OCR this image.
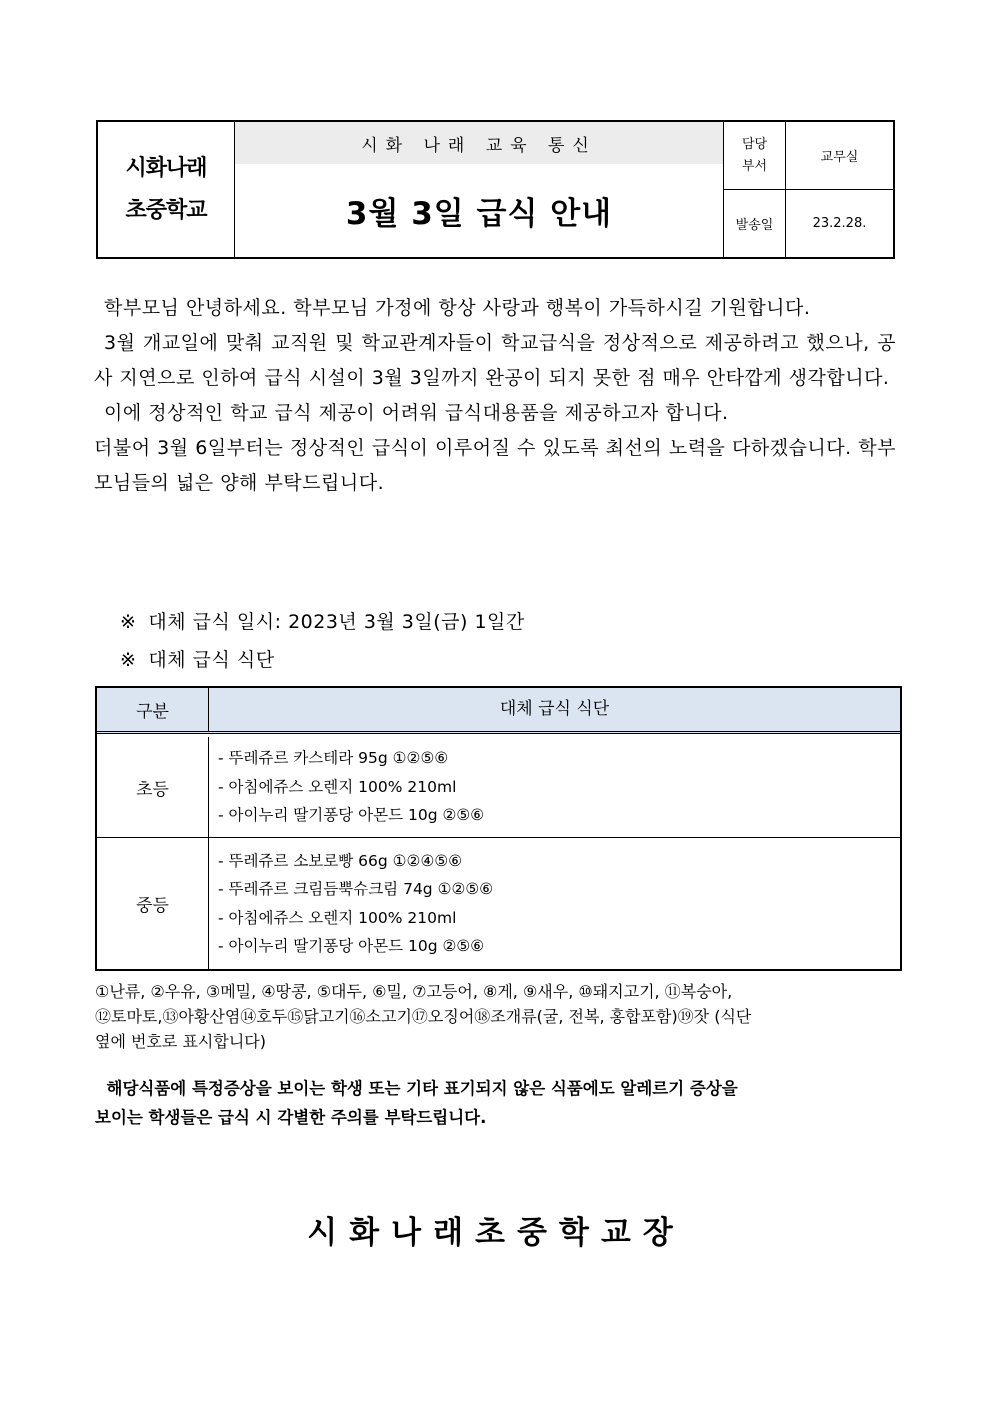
시화나래
초중학교
시화 나래 교육 통신
3월 3일 급식 안내
담당
부서
교무실
발송일	23.2.28.

학부모님 안녕하세요. 학부모님 가정에 항상 사랑과 행복이 가득하시길 기원합니다.

3월 개교일에 맞춰 교직원 및 학교관계자들이 학교급식을 정상적으로 제공하려고 했으나, 공사 지연으로 인하여 급식 시설이 3월 3일까지 완공이 되지 못한 점 매우 안타깝게 생각합니다.

이에 정상적인 학교 급식 제공이 어려워 급식대용품을 제공하고자 합니다.

더불어 3월 6일부터는 정상적인 급식이 이루어질 수 있도록 최선의 노력을 다하겠습니다. 학부모님들의 넓은 양해 부탁드립니다.

※ 대체 급식 일시: 2023년 3월 3일(금) 1일간
※ 대체 급식 식단
구분	대체 급식 식단
초등
- 뚜레쥬르 카스테라 95g ①②⑤⑥
- 아침에쥬스 오렌지 100% 210ml
- 아이누리 딸기퐁당 아몬드 10g ②⑤⑥
중등
- 뚜레쥬르 소보로빵 66g ①②④⑤⑥
- 뚜레쥬르 크림듬뿍슈크림 74g ①②⑤⑥
- 아침에쥬스 오렌지 100% 210ml
- 아이누리 딸기퐁당 아몬드 10g ②⑤⑥

①난류, ②우유, ③메밀, ④땅콩, ⑤대두, ⑥밀, ⑦고등어, ⑧게, ⑨새우, ⑩돼지고기, ⑪복숭아,

⑫토마토,⑬아황산염⑭호두⑮닭고기⑯소고기⑰오징어⑱조개류(굴, 전복, 홍합포함)⑲잣 (식단

옆에 번호로 표시합니다)

해당식품에 특정증상을 보이는 학생 또는 기타 표기되지 않은 식품에도 알레르기 증상을

보이는 학생들은 급식 시 각별한 주의를 부탁드립니다.

시화나래초중학교장
